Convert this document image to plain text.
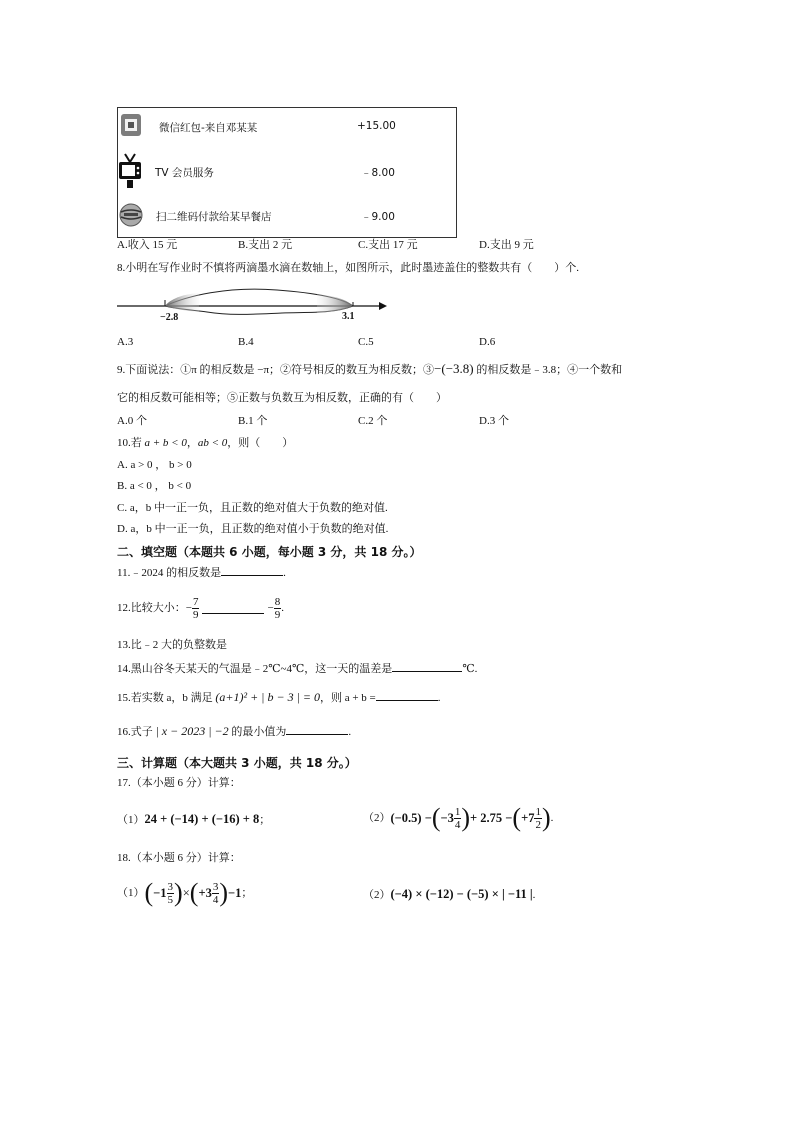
微信红包-来自邓某某	+15.00
TV 会员服务	﹣8.00
扫二维码付款给某早餐店	﹣9.00
A.收入 15 元	B.支出 2 元	C.支出 17 元	D.支出 9 元
8.小明在写作业时不慎将两滴墨水滴在数轴上，如图所示，此时墨迹盖住的整数共有（　　）个.
−2.8	3.1
A.3	B.4	C.5	D.6
9.下面说法：①π 的相反数是 −π；②符号相反的数互为相反数；③−(−3.8) 的相反数是﹣3.8；④一个数和
它的相反数可能相等；⑤正数与负数互为相反数，正确的有（　　）
A.0 个	B.1 个	C.2 个	D.3 个
10.若 a + b < 0，ab < 0，则（　　）
A. a > 0 ， b > 0
B. a < 0 ， b < 0
C. a，b 中一正一负，且正数的绝对值大于负数的绝对值.
D. a，b 中一正一负，且正数的绝对值小于负数的绝对值.
二、填空题（本题共 6 小题，每小题 3 分，共 18 分。）
11.﹣2024 的相反数是	.
12.比较大小： − $\frac{7}{9}$	− $\frac{8}{9}$ .
13.比﹣2 大的负整数是
14.黑山谷冬天某天的气温是﹣2℃~4℃，这一天的温差是	℃.
15.若实数 a，b 满足 (a+1)² + | b − 3 | = 0，则 a + b =	.
16.式子 | x − 2023 | −2 的最小值为	.
三、计算题（本大题共 3 小题，共 18 分。）
17.（本小题 6 分）计算：
（1）24 + (−14) + (−16) + 8；	（2） (−0.5) − ( $-3 \frac{1}{4}$ ) + 2.75 − ( $+7 \frac{1}{2}$ ) .
18.（本小题 6 分）计算：
（1） ( $-1 \frac{3}{5}$ ) × ( $+3 \frac{3}{4}$ ) −1 ；	（2）(−4) × (−12) − (−5) × | −11 |.
